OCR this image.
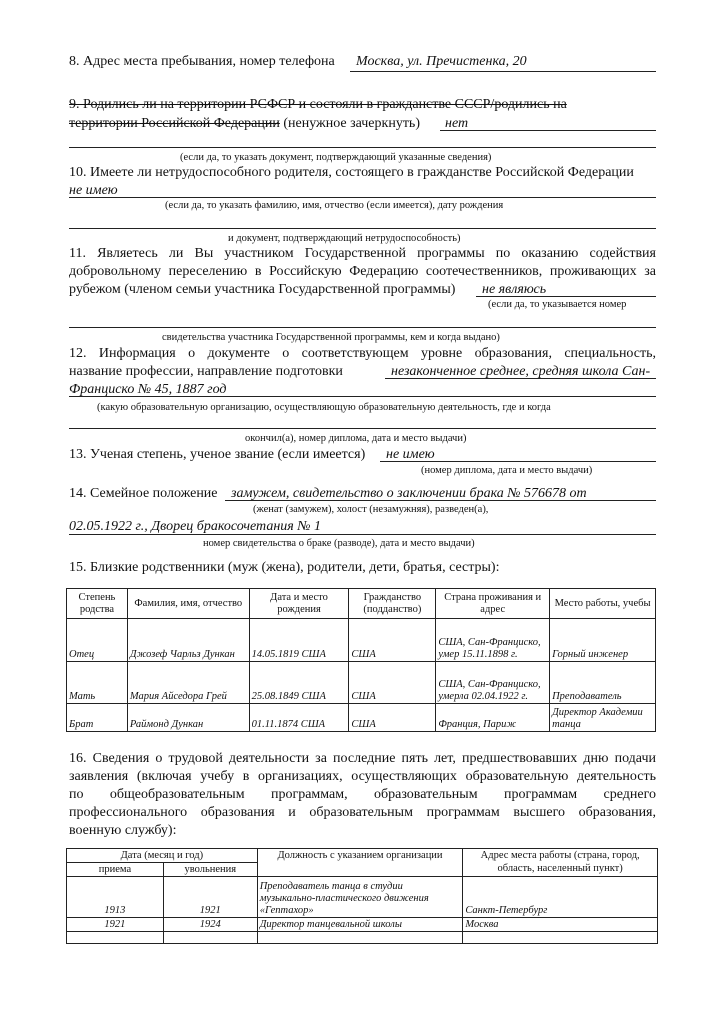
8. Адрес места пребывания, номер телефона Москва, ул. Пречистенка, 20
9. Родились ли на территории РСФСР и состояли в гражданстве СССР/родились на
территории Российской Федерации (ненужное зачеркнуть) нет
(если да, то указать документ, подтверждающий указанные сведения)
10. Имеете ли нетрудоспособного родителя, состоящего в гражданстве Российской Федерации
не имею
(если да, то указать фамилию, имя, отчество (если имеется), дату рождения
и документ, подтверждающий нетрудоспособность)
11. Являетесь ли Вы участником Государственной программы по оказанию содействия
добровольному переселению в Российскую Федерацию соотечественников, проживающих за
рубежом (членом семьи участника Государственной программы) не являюсь
(если да, то указывается номер
свидетельства участника Государственной программы, кем и когда выдано)
12. Информация о документе о соответствующем уровне образования, специальность,
название профессии, направление подготовки	незаконченное среднее, средняя школа Сан-
Франциско № 45, 1887 год
(какую образовательную организацию, осуществляющую образовательную деятельность, где и когда
окончил(а), номер диплома, дата и место выдачи)
13. Ученая степень, ученое звание (если имеется) не имею
(номер диплома, дата и место выдачи)
14. Семейное положение замужем, свидетельство о заключении брака № 576678 от
(женат (замужем), холост (незамужняя), разведен(а),
02.05.1922 г., Дворец бракосочетания № 1
номер свидетельства о браке (разводе), дата и место выдачи)
15. Близкие родственники (муж (жена), родители, дети, братья, сестры):
Степень родства	Фамилия, имя, отчество	Дата и место рождения	Гражданство (подданство)	Страна проживания и адрес	Место работы, учебы
Отец	Джозеф Чарльз Дункан	14.05.1819 США	США	США, Сан-Франциско, умер 15.11.1898 г.	Горный инженер
Мать	Мария Айседора Грей	25.08.1849 США	США	США, Сан-Франциско, умерла 02.04.1922 г.	Преподаватель
Брат	Раймонд Дункан	01.11.1874 США	США	Франция, Париж	Директор Академии танца
16. Сведения о трудовой деятельности за последние пять лет, предшествовавших дню подачи
заявления (включая учебу в организациях, осуществляющих образовательную деятельность
по общеобразовательным программам, образовательным программам среднего
профессионального образования и образовательным программам высшего образования,
военную службу):
Дата (месяц и год)		Должность с указанием организации	Адрес места работы (страна, город, область, населенный пункт)
приема	увольнения		
1913	1921	Преподаватель танца в студии музыкально-пластического движения «Гептахор»	Санкт-Петербург
1921	1924	Директор танцевальной школы	Москва
